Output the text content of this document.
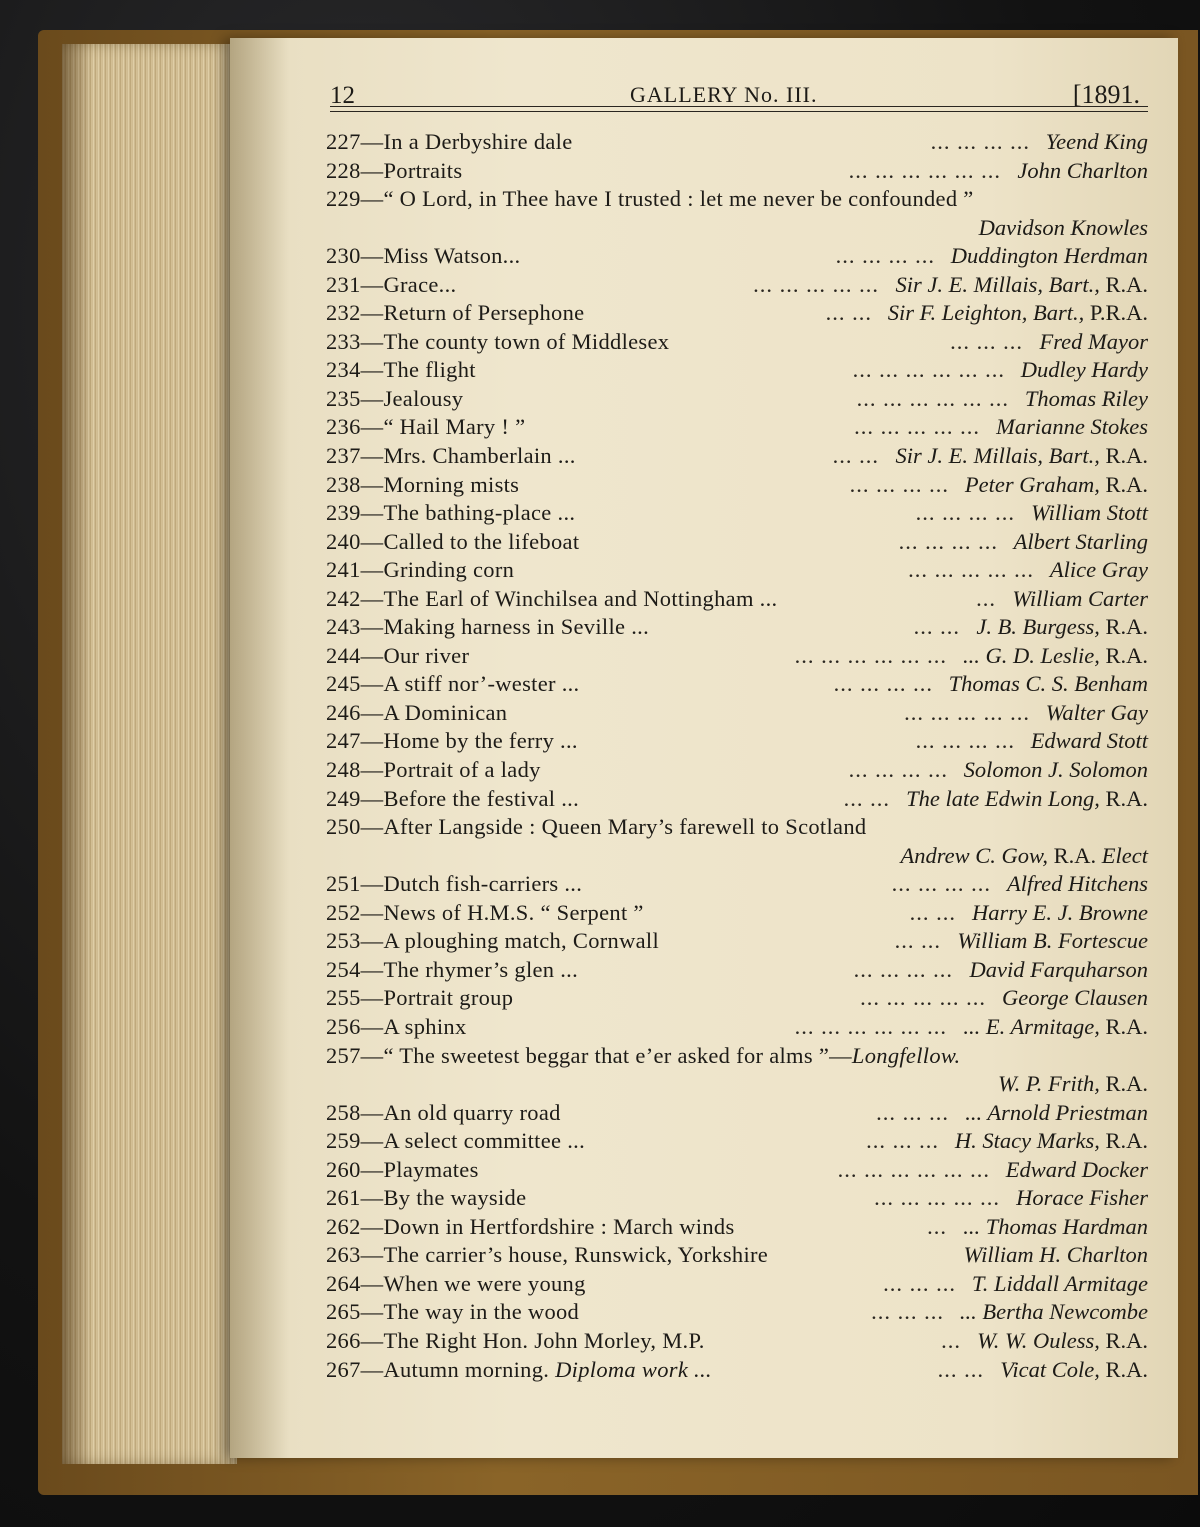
12	GALLERY No. III.	[1891.
227—In a Derbyshire dale	... ... ... ... Yeend King
228—Portraits	... ... ... ... ... ... John Charlton
229—“ O Lord, in Thee have I trusted : let me never be confounded ”
Davidson Knowles
230—Miss Watson...	... ... ... ... Duddington Herdman
231—Grace...	... ... ... ... ... Sir J. E. Millais, Bart., R.A.
232—Return of Persephone	... ... Sir F. Leighton, Bart., P.R.A.
233—The county town of Middlesex	... ... ... Fred Mayor
234—The flight	... ... ... ... ... ... Dudley Hardy
235—Jealousy	... ... ... ... ... ... Thomas Riley
236—“ Hail Mary ! ”	... ... ... ... ... Marianne Stokes
237—Mrs. Chamberlain ...	... ... Sir J. E. Millais, Bart., R.A.
238—Morning mists	... ... ... ... Peter Graham, R.A.
239—The bathing-place ...	... ... ... ... William Stott
240—Called to the lifeboat	... ... ... ... Albert Starling
241—Grinding corn	... ... ... ... ... Alice Gray
242—The Earl of Winchilsea and Nottingham ...	... William Carter
243—Making harness in Seville ...	... ... J. B. Burgess, R.A.
244—Our river	... ... ... ... ... ... ... G. D. Leslie, R.A.
245—A stiff nor’-wester ...	... ... ... ... Thomas C. S. Benham
246—A Dominican	... ... ... ... ... Walter Gay
247—Home by the ferry ...	... ... ... ... Edward Stott
248—Portrait of a lady	... ... ... ... Solomon J. Solomon
249—Before the festival ...	... ... The late Edwin Long, R.A.
250—After Langside : Queen Mary’s farewell to Scotland
Andrew C. Gow, R.A. Elect
251—Dutch fish-carriers ...	... ... ... ... Alfred Hitchens
252—News of H.M.S. “ Serpent ”	... ... Harry E. J. Browne
253—A ploughing match, Cornwall	... ... William B. Fortescue
254—The rhymer’s glen ...	... ... ... ... David Farquharson
255—Portrait group	... ... ... ... ... George Clausen
256—A sphinx	... ... ... ... ... ... ... E. Armitage, R.A.
257—“ The sweetest beggar that e’er asked for alms ”—Longfellow.
W. P. Frith, R.A.
258—An old quarry road	... ... ... ... Arnold Priestman
259—A select committee ...	... ... ... H. Stacy Marks, R.A.
260—Playmates	... ... ... ... ... ... Edward Docker
261—By the wayside	... ... ... ... ... Horace Fisher
262—Down in Hertfordshire : March winds	... ... Thomas Hardman
263—The carrier’s house, Runswick, Yorkshire	William H. Charlton
264—When we were young	... ... ... T. Liddall Armitage
265—The way in the wood	... ... ... ... Bertha Newcombe
266—The Right Hon. John Morley, M.P.	... W. W. Ouless, R.A.
267—Autumn morning. Diploma work ...	... ... Vicat Cole, R.A.
